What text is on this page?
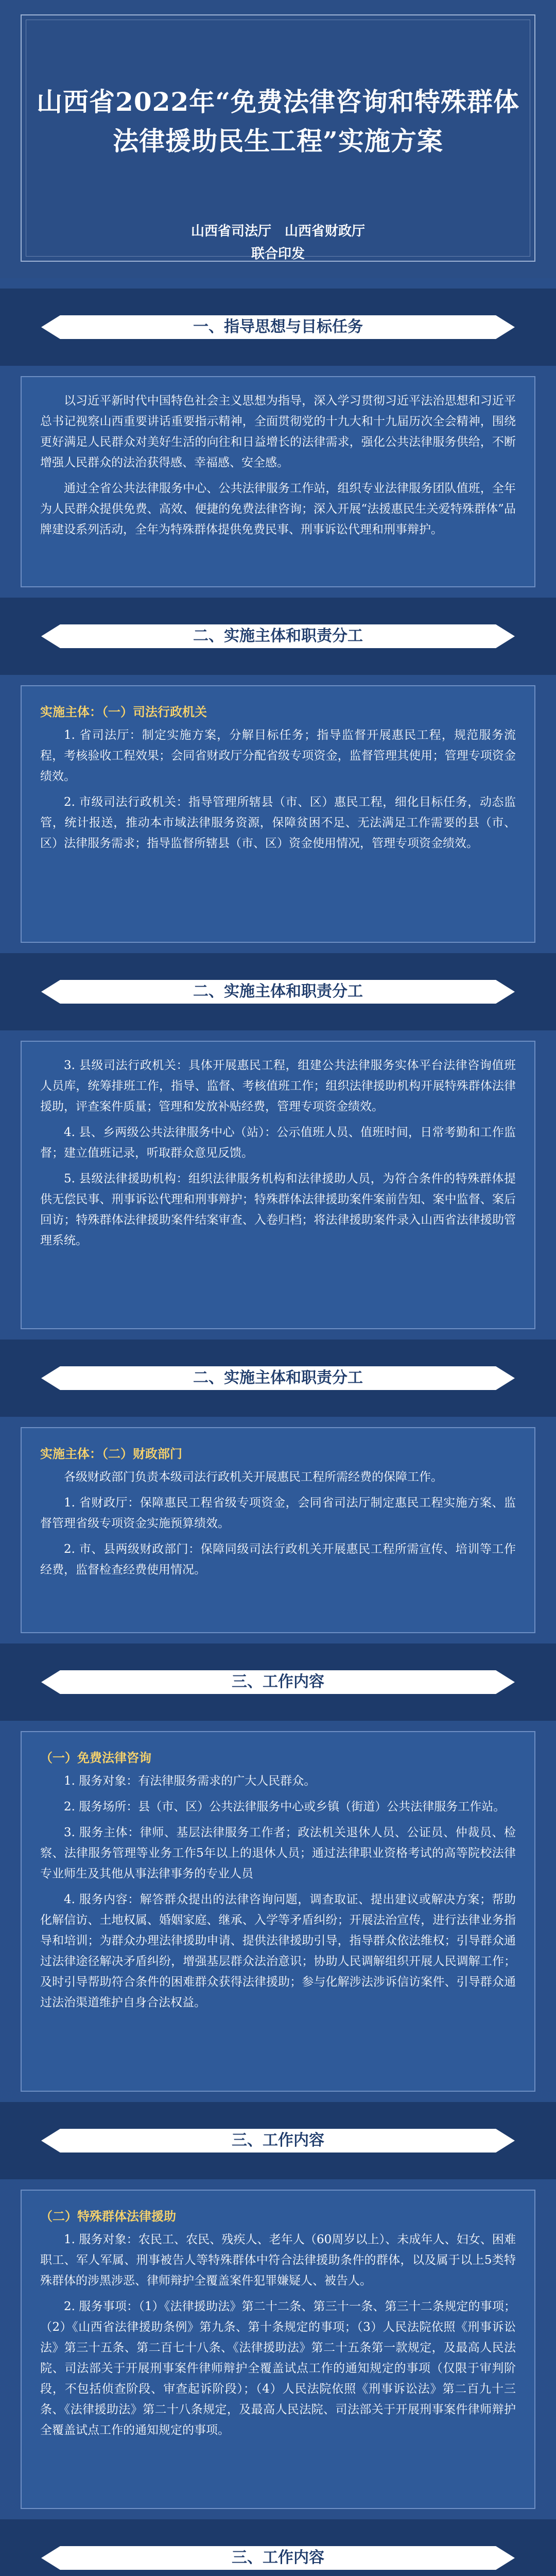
山西省2022年“免费法律咨询和特殊群体法律援助民生工程”实施方案
山西省司法厅　山西省财政厅
联合印发
一、指导思想与目标任务

以习近平新时代中国特色社会主义思想为指导，深入学习贯彻习近平法治思想和习近平总书记视察山西重要讲话重要指示精神，全面贯彻党的十九大和十九届历次全会精神，围绕更好满足人民群众对美好生活的向往和日益增长的法律需求，强化公共法律服务供给，不断增强人民群众的法治获得感、幸福感、安全感。

通过全省公共法律服务中心、公共法律服务工作站，组织专业法律服务团队值班，全年为人民群众提供免费、高效、便捷的免费法律咨询；深入开展“法援惠民生关爱特殊群体”品牌建设系列活动，全年为特殊群体提供免费民事、刑事诉讼代理和刑事辩护。

二、实施主体和职责分工
实施主体：（一）司法行政机关

1. 省司法厅：制定实施方案，分解目标任务；指导监督开展惠民工程，规范服务流程，考核验收工程效果；会同省财政厅分配省级专项资金，监督管理其使用；管理专项资金绩效。

2. 市级司法行政机关：指导管理所辖县（市、区）惠民工程，细化目标任务，动态监管，统计报送，推动本市域法律服务资源，保障贫困不足、无法满足工作需要的县（市、区）法律服务需求；指导监督所辖县（市、区）资金使用情况，管理专项资金绩效。

二、实施主体和职责分工

3. 县级司法行政机关：具体开展惠民工程，组建公共法律服务实体平台法律咨询值班人员库，统筹排班工作，指导、监督、考核值班工作；组织法律援助机构开展特殊群体法律援助，评查案件质量；管理和发放补贴经费，管理专项资金绩效。

4. 县、乡两级公共法律服务中心（站）：公示值班人员、值班时间，日常考勤和工作监督；建立值班记录，听取群众意见反馈。

5. 县级法律援助机构：组织法律服务机构和法律援助人员，为符合条件的特殊群体提供无偿民事、刑事诉讼代理和刑事辩护；特殊群体法律援助案件案前告知、案中监督、案后回访；特殊群体法律援助案件结案审查、入卷归档；将法律援助案件录入山西省法律援助管理系统。

二、实施主体和职责分工
实施主体：（二）财政部门

各级财政部门负责本级司法行政机关开展惠民工程所需经费的保障工作。

1. 省财政厅：保障惠民工程省级专项资金，会同省司法厅制定惠民工程实施方案、监督管理省级专项资金实施预算绩效。

2. 市、县两级财政部门：保障同级司法行政机关开展惠民工程所需宣传、培训等工作经费，监督检查经费使用情况。

三、工作内容
（一）免费法律咨询

1. 服务对象：有法律服务需求的广大人民群众。

2. 服务场所：县（市、区）公共法律服务中心或乡镇（街道）公共法律服务工作站。

3. 服务主体：律师、基层法律服务工作者；政法机关退休人员、公证员、仲裁员、检察、法律服务管理等业务工作5年以上的退休人员；通过法律职业资格考试的高等院校法律专业师生及其他从事法律事务的专业人员

4. 服务内容：解答群众提出的法律咨询问题，调查取证、提出建议或解决方案；帮助化解信访、土地权属、婚姻家庭、继承、入学等矛盾纠纷；开展法治宣传，进行法律业务指导和培训；为群众办理法律援助申请、提供法律援助引导，指导群众依法维权；引导群众通过法律途径解决矛盾纠纷，增强基层群众法治意识；协助人民调解组织开展人民调解工作；及时引导帮助符合条件的困难群众获得法律援助；参与化解涉法涉诉信访案件、引导群众通过法治渠道维护自身合法权益。

三、工作内容
（二）特殊群体法律援助

1. 服务对象：农民工、农民、残疾人、老年人（60周岁以上）、未成年人、妇女、困难职工、军人军属、刑事被告人等特殊群体中符合法律援助条件的群体，以及属于以上5类特殊群体的涉黑涉恶、律师辩护全覆盖案件犯罪嫌疑人、被告人。

2. 服务事项：（1）《法律援助法》第二十二条、第三十一条、第三十二条规定的事项；（2）《山西省法律援助条例》第九条、第十条规定的事项；（3）人民法院依照《刑事诉讼法》第三十五条、第二百七十八条、《法律援助法》第二十五条第一款规定，及最高人民法院、司法部关于开展刑事案件律师辩护全覆盖试点工作的通知规定的事项（仅限于审判阶段，不包括侦查阶段、审查起诉阶段）；（4）人民法院依照《刑事诉讼法》第二百九十三条、《法律援助法》第二十八条规定，及最高人民法院、司法部关于开展刑事案件律师辩护全覆盖试点工作的通知规定的事项。

三、工作内容
